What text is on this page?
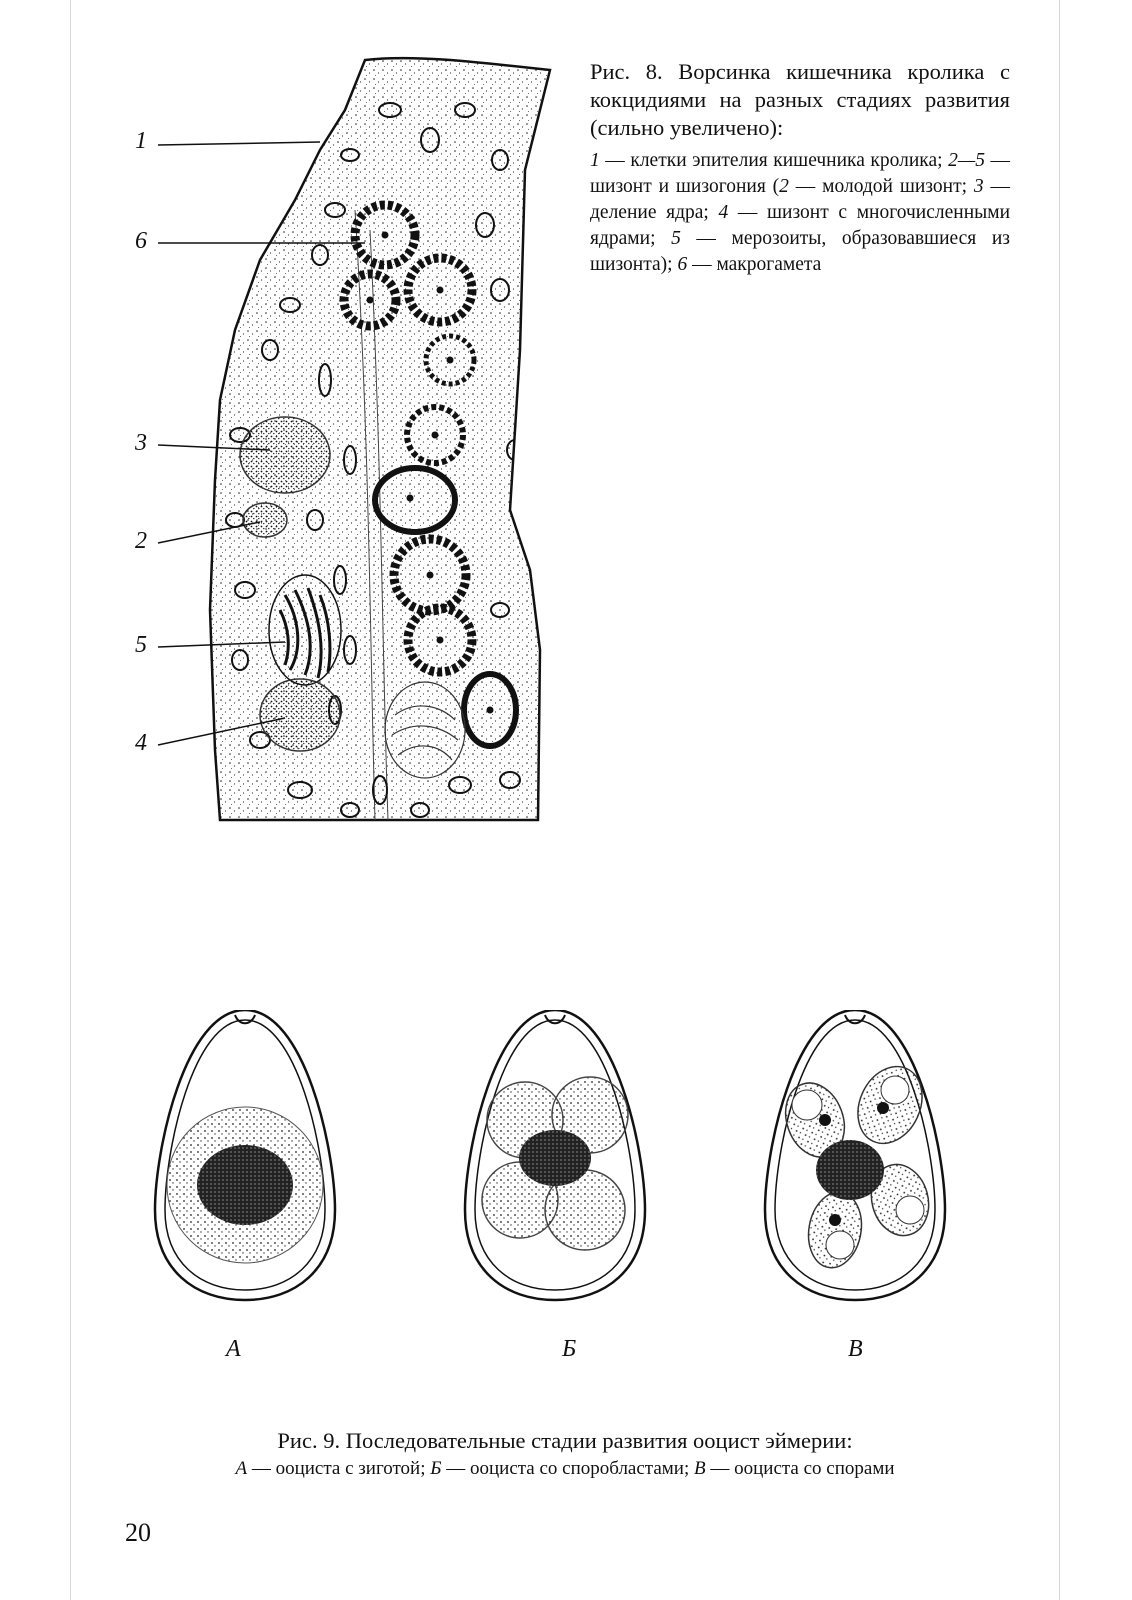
1
6
3
2
5
4

Рис. 8. Ворсинка кишечника кролика с кокцидиями на разных стадиях развития (сильно увеличено):

1 — клетки эпителия кишечника кролика; 2—5 — шизонт и шизогония (2 — молодой шизонт; 3 — деление ядра; 4 — шизонт с многочисленными ядрами; 5 — мерозоиты, образовавшиеся из шизонта); 6 — макрогамета

А	Б	В

Рис. 9. Последовательные стадии развития ооцист эймерии:

А — ооциста с зиготой; Б — ооциста со споробластами; В — ооциста со спорами

20
